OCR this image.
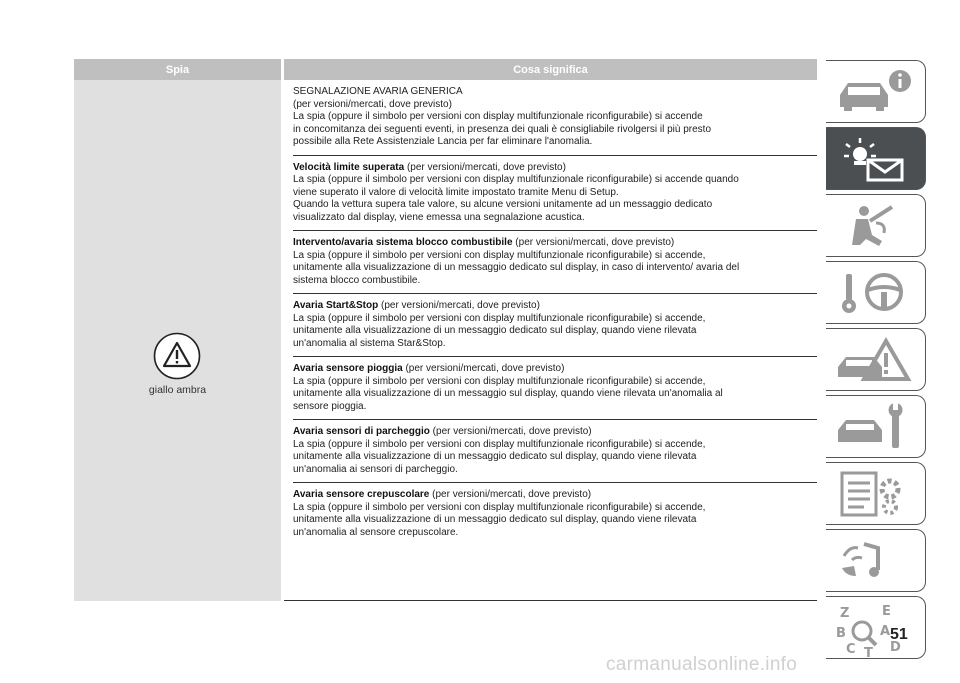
Spia	Cosa significa
giallo ambra
SEGNALAZIONE AVARIA GENERICA
(per versioni/mercati, dove previsto)
La spia (oppure il simbolo per versioni con display multifunzionale riconfigurabile) si accende
in concomitanza dei seguenti eventi, in presenza dei quali è consigliabile rivolgersi il più presto
possibile alla Rete Assistenziale Lancia per far eliminare l'anomalia.
Velocità limite superata (per versioni/mercati, dove previsto)
La spia (oppure il simbolo per versioni con display multifunzionale riconfigurabile) si accende quando
viene superato il valore di velocità limite impostato tramite Menu di Setup.
Quando la vettura supera tale valore, su alcune versioni unitamente ad un messaggio dedicato
visualizzato dal display, viene emessa una segnalazione acustica.
Intervento/avaria sistema blocco combustibile (per versioni/mercati, dove previsto)
La spia (oppure il simbolo per versioni con display multifunzionale riconfigurabile) si accende,
unitamente alla visualizzazione di un messaggio dedicato sul display, in caso di intervento/ avaria del
sistema blocco combustibile.
Avaria Start&Stop (per versioni/mercati, dove previsto)
La spia (oppure il simbolo per versioni con display multifunzionale riconfigurabile) si accende,
unitamente alla visualizzazione di un messaggio dedicato sul display, quando viene rilevata
un'anomalia al sistema Star&Stop.
Avaria sensore pioggia (per versioni/mercati, dove previsto)
La spia (oppure il simbolo per versioni con display multifunzionale riconfigurabile) si accende,
unitamente alla visualizzazione di un messaggio sul display, quando viene rilevata un'anomalia al
sensore pioggia.
Avaria sensori di parcheggio (per versioni/mercati, dove previsto)
La spia (oppure il simbolo per versioni con display multifunzionale riconfigurabile) si accende,
unitamente alla visualizzazione di un messaggio dedicato sul display, quando viene rilevata
un'anomalia ai sensori di parcheggio.
Avaria sensore crepuscolare (per versioni/mercati, dove previsto)
La spia (oppure il simbolo per versioni con display multifunzionale riconfigurabile) si accende,
unitamente alla visualizzazione di un messaggio dedicato sul display, quando viene rilevata
un'anomalia al sensore crepuscolare.
Z	E
A
B
C T D
51
carmanualsonline.info
